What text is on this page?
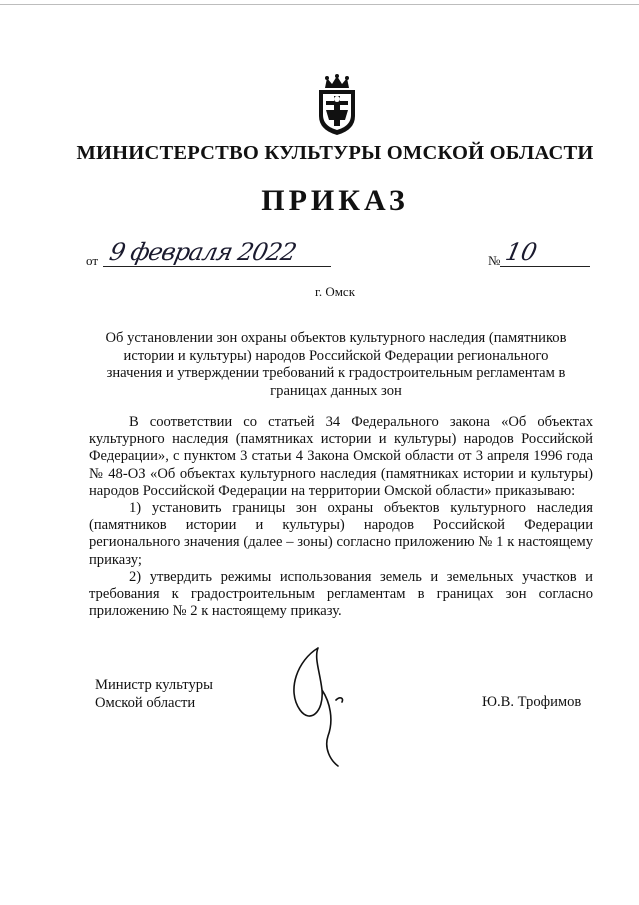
МИНИСТЕРСТВО КУЛЬТУРЫ ОМСКОЙ ОБЛАСТИ
ПРИКАЗ
от 9 февраля 2022	№ 10
г. Омск
Об установлении зон охраны объектов культурного наследия (памятников истории и культуры) народов Российской Федерации регионального значения и утверждении требований к градостроительным регламентам в границах данных зон

В соответствии со статьей 34 Федерального закона «Об объектах культурного наследия (памятниках истории и культуры) народов Российской Федерации», с пунктом 3 статьи 4 Закона Омской области от 3 апреля 1996 года № 48-ОЗ «Об объектах культурного наследия (памятниках истории и культуры) народов Российской Федерации на территории Омской области» приказываю:

1) установить границы зон охраны объектов культурного наследия (памятников истории и культуры) народов Российской Федерации регионального значения (далее – зоны) согласно приложению № 1 к настоящему приказу;

2) утвердить режимы использования земель и земельных участков и требования к градостроительным регламентам в границах зон согласно приложению № 2 к настоящему приказу.

Министр культуры
Омской области	Ю.В. Трофимов
